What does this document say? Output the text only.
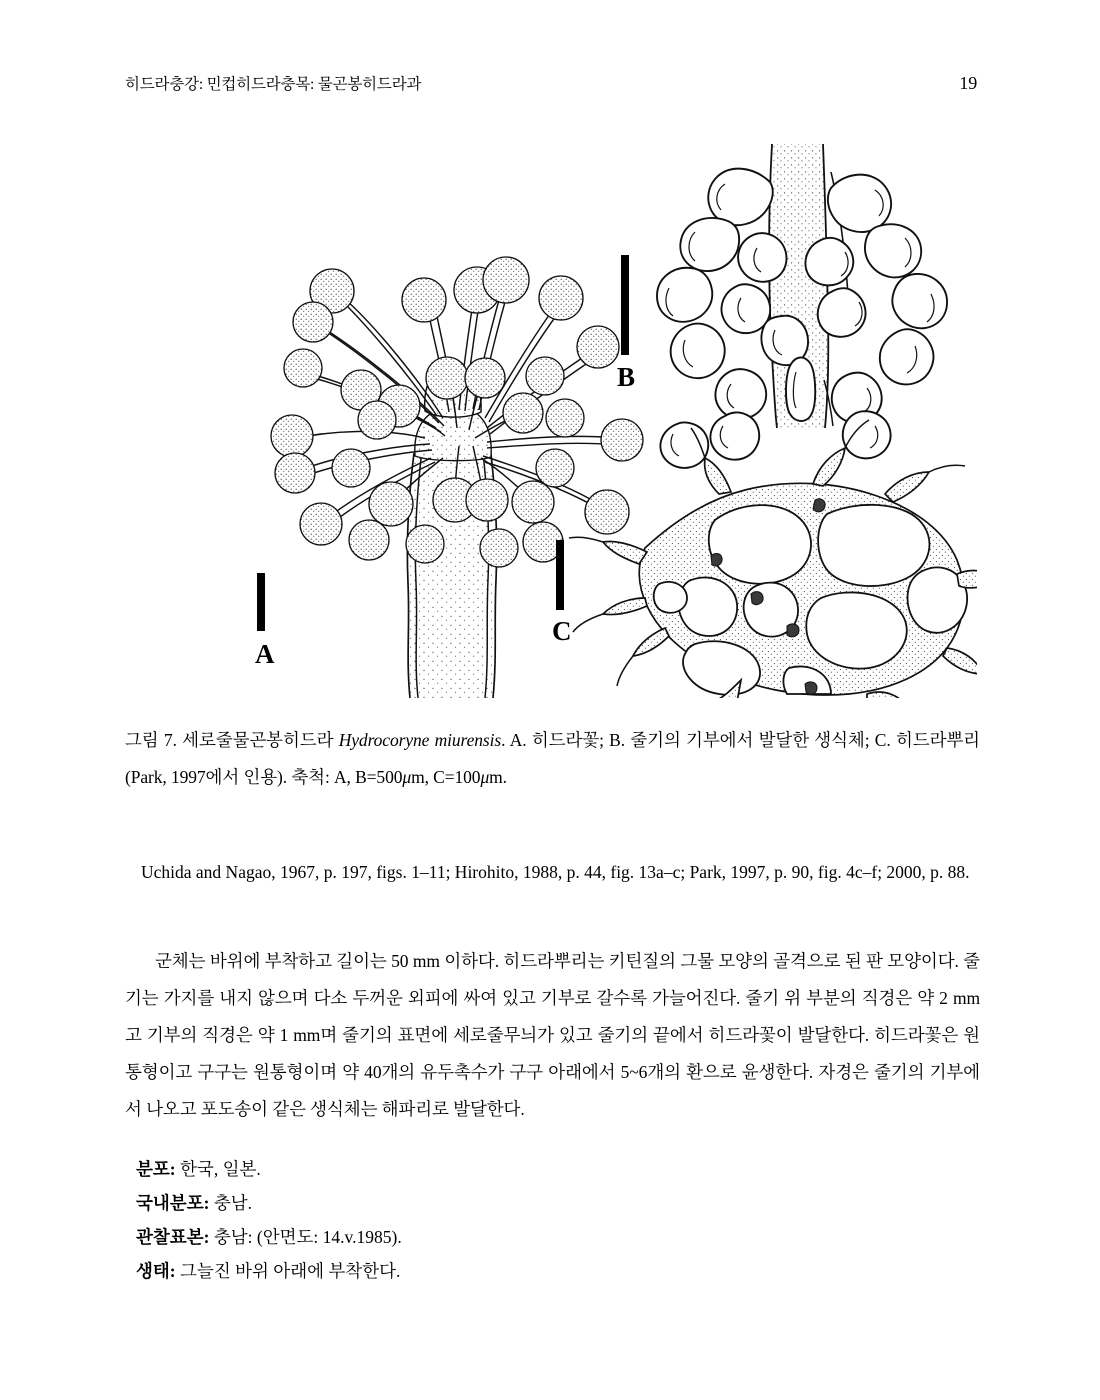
히드라충강: 민컵히드라충목: 물곤봉히드라과	19
A
B
C
그림 7. 세로줄물곤봉히드라 Hydrocoryne miurensis. A. 히드라꽃; B. 줄기의 기부에서 발달한 생식체; C. 히드라뿌리(Park, 1997에서 인용). 축척: A, B=500μm, C=100μm.
Uchida and Nagao, 1967, p. 197, figs. 1–11; Hirohito, 1988, p. 44, fig. 13a–c; Park, 1997, p. 90, fig. 4c–f; 2000, p. 88.
군체는 바위에 부착하고 길이는 50 mm 이하다. 히드라뿌리는 키틴질의 그물 모양의 골격으로 된 판 모양이다. 줄기는 가지를 내지 않으며 다소 두꺼운 외피에 싸여 있고 기부로 갈수록 가늘어진다. 줄기 위 부분의 직경은 약 2 mm고 기부의 직경은 약 1 mm며 줄기의 표면에 세로줄무늬가 있고 줄기의 끝에서 히드라꽃이 발달한다. 히드라꽃은 원통형이고 구구는 원통형이며 약 40개의 유두촉수가 구구 아래에서 5~6개의 환으로 윤생한다. 자경은 줄기의 기부에서 나오고 포도송이 같은 생식체는 해파리로 발달한다.
분포: 한국, 일본.
국내분포: 충남.
관찰표본: 충남: (안면도: 14.v.1985).
생태: 그늘진 바위 아래에 부착한다.
